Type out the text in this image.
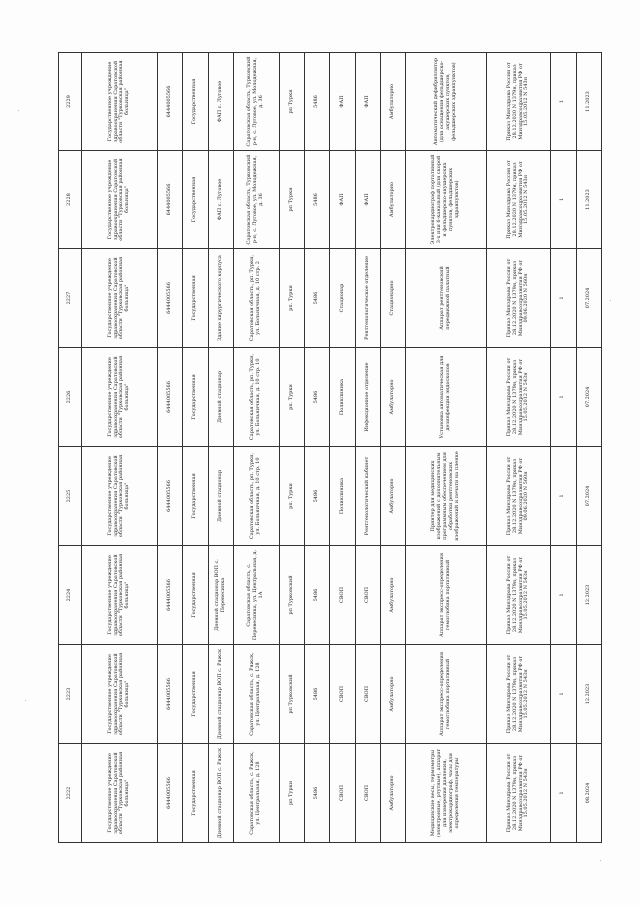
2222	2223	2224	2225	2226	2227	2228	2229
Государственное учреждение здравоохранения Саратовской области "Турковская районная больница"	Государственное учреждение здравоохранения Саратовской области "Турковская районная больница"	Государственное учреждение здравоохранения Саратовской области "Турковская районная больница"	Государственное учреждение здравоохранения Саратовской области "Турковская районная больница"	Государственное учреждение здравоохранения Саратовской области "Турковская районная больница"	Государственное учреждение здравоохранения Саратовской области "Турковская районная больница"	Государственное учреждение здравоохранения Саратовской области "Турковская районная больница"	Государственное учреждение здравоохранения Саратовской области "Турковская районная больница"
6444005566	6444005566	6444005566	6444005566	6444005566	6444005566	6444005566	6444005566
Государственная	Государственная	Государственная	Государственная	Государственная	Государственная	Государственная	Государственная
Дневной стационар ВОП с. Ряжск	Дневной стационар ВОП с. Ряжск	Дневной стационар ВОП с. Перевесинка	Дневной стационар	Дневной стационар	Здание хирургического корпуса	ФАП с. Луговое	ФАП с. Луговое
Саратовская область, с. Ряжск, ул. Центральная, д. 128	Саратовская область, с. Ряжск, ул. Центральная, д. 128	Саратовская область, с. Перевесинка, ул. Центральная, д. 1А	Саратовская область, рп. Турки, ул. Больничная, д. 10 стр. 10	Саратовская область, рп. Турки, ул. Больничная, д. 10 стр. 10	Саратовская область, рп. Турки, ул. Больничная, д. 10 стр. 2	Саратовская область, Турковский р-н, с. Луговое, ул. Молодежная, д. 36	Саратовская область, Турковский р-н, с. Луговое, ул. Молодежная, д. 36
рп Турки	рп Турковский	рп Турковский	рп. Турки	рп. Турки	рп. Турки	рп Турки	рп Турки
5486	5486	5486	5486	5486	5486	5486	5486
СВОП	СВОП	СВОП	Поликлиника	Поликлиника	Стационар	ФАП	ФАП
СВОП	СВОП	СВОП	Рентгенологический кабинет	Инфекционное отделение	Рентгенологическое отделение	ФАП	ФАП
Амбулаторно	Амбулаторно	Амбулаторно	Амбулаторно	Амбулаторно	Стационарно	Амбулаторно	Амбулаторно
Медицинские весы, термометры (электронные, ртутные), аппарат для измерения давления, электрокардиограф, часы для определения температуры	Аппарат экспресс-определения гемоглобина портативный	Аппарат экспресс-определения гемоглобина портативный	Принтер для медицинских изображений с дополнительным программным обеспечением для обработки рентгеновских изображений и печати на пленке	Установка автоматическая для дезинфекции эндоскопов	Аппарат рентгеновский передвижной палатный	Электрокардиограф портативный 3-х или 6-канальный (для скорой и фельдшерско-акушерских пунктов, фельдшерских здравпунктов)	Автоматический дефибриллятор (для оснащения фельдшерско-акушерских пунктов, фельдшерских здравпунктов)
Приказ Минздрава России от 28.12.2020 N 1379н, приказ Минздравсоцразвития РФ от 15.05.2012 N 543н	Приказ Минздрава России от 28.12.2020 N 1379н, приказ Минздравсоцразвития РФ от 15.05.2012 N 543н	Приказ Минздрава России от 28.12.2020 N 1379н, приказ Минздравсоцразвития РФ от 15.05.2012 N 543н	Приказ Минздрава России от 28.12.2020 N 1379н, приказ Минздравсоцразвития РФ от 09.06.2020 N 560н	Приказ Минздрава России от 28.12.2020 N 1379н, приказ Минздравсоцразвития РФ от 15.05.2012 N 543н	Приказ Минздрава России от 28.12.2020 N 1379н, приказ Минздравсоцразвития РФ от 09.06.2020 N 560н	Приказ Минздрава России от 28.12.2020 N 1379н, приказ Минздравсоцразвития РФ от 15.05.2012 N 543н	Приказ Минздрава России от 28.12.2020 N 1379н, приказ Минздравсоцразвития РФ от 15.05.2012 N 543н
1	1	1	1	1	1	1	1
08.2024	12.2023	12.2023	07.2024	07.2024	07.2024	11.2023	11.2023
